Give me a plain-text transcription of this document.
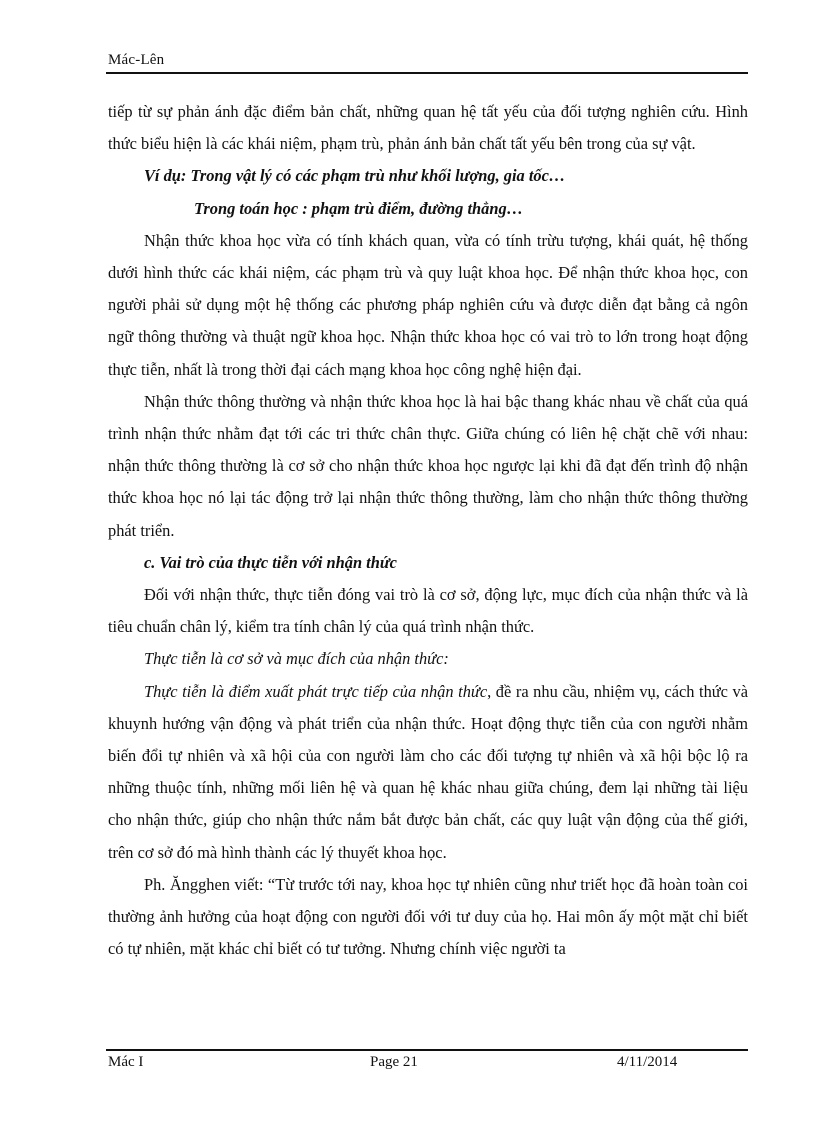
Mác-Lên

tiếp từ sự phản ánh đặc điểm bản chất, những quan hệ tất yếu của đối tượng nghiên cứu. Hình thức biểu hiện là các khái niệm, phạm trù, phản ánh bản chất tất yếu bên trong của sự vật.

Ví dụ: Trong vật lý có các phạm trù như khối lượng, gia tốc…

Trong toán học : phạm trù điểm, đường thẳng…

Nhận thức khoa học vừa có tính khách quan, vừa có tính trừu tượng, khái quát, hệ thống dưới hình thức các khái niệm, các phạm trù và quy luật khoa học. Để nhận thức khoa học, con người phải sử dụng một hệ thống các phương pháp nghiên cứu và được diễn đạt bằng cả ngôn ngữ thông thường và thuật ngữ khoa học. Nhận thức khoa học có vai trò to lớn trong hoạt động thực tiễn, nhất là trong thời đại cách mạng khoa học công nghệ hiện đại.

Nhận thức thông thường và nhận thức khoa học là hai bậc thang khác nhau về chất của quá trình nhận thức nhằm đạt tới các tri thức chân thực. Giữa chúng có liên hệ chặt chẽ với nhau: nhận thức thông thường là cơ sở cho nhận thức khoa học ngược lại khi đã đạt đến trình độ nhận thức khoa học nó lại tác động trở lại nhận thức thông thường, làm cho nhận thức thông thường phát triển.

c. Vai trò của thực tiễn với nhận thức

Đối với nhận thức, thực tiễn đóng vai trò là cơ sở, động lực, mục đích của nhận thức và là tiêu chuẩn chân lý, kiểm tra tính chân lý của quá trình nhận thức.

Thực tiễn là cơ sở và mục đích của nhận thức:

Thực tiễn là điểm xuất phát trực tiếp của nhận thức, đề ra nhu cầu, nhiệm vụ, cách thức và khuynh hướng vận động và phát triển của nhận thức. Hoạt động thực tiễn của con người nhằm biến đổi tự nhiên và xã hội của con người làm cho các đối tượng tự nhiên và xã hội bộc lộ ra những thuộc tính, những mối liên hệ và quan hệ khác nhau giữa chúng, đem lại những tài liệu cho nhận thức, giúp cho nhận thức nắm bắt được bản chất, các quy luật vận động của thế giới, trên cơ sở đó mà hình thành các lý thuyết khoa học.

Ph. Ăngghen viết: “Từ trước tới nay, khoa học tự nhiên cũng như triết học đã hoàn toàn coi thường ảnh hưởng của hoạt động con người đối với tư duy của họ. Hai môn ấy một mặt chỉ biết có tự nhiên, mặt khác chỉ biết có tư tưởng. Nhưng chính việc người ta

Mác I	Page 21	4/11/2014
